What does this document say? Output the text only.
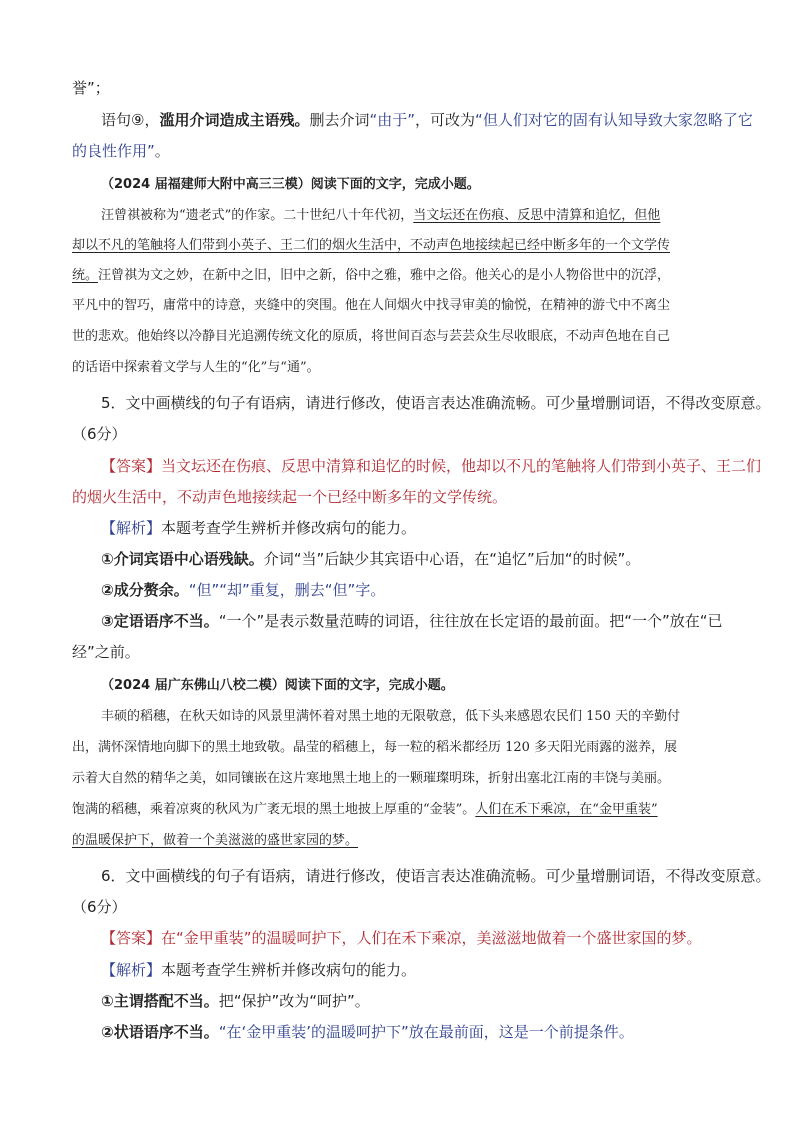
誉”；
语句⑨，滥用介词造成主语残。删去介词“由于”，可改为“但人们对它的固有认知导致大家忽略了它
的良性作用”。
（2024 届福建师大附中高三三模）阅读下面的文字，完成小题。
汪曾祺被称为“遗老式”的作家。二十世纪八十年代初，当文坛还在伤痕、反思中清算和追忆，但他
却以不凡的笔触将人们带到小英子、王二们的烟火生活中，不动声色地接续起已经中断多年的一个文学传
统。汪曾祺为文之妙，在新中之旧，旧中之新，俗中之雅，雅中之俗。他关心的是小人物俗世中的沉浮，
平凡中的智巧，庸常中的诗意，夹缝中的突围。他在人间烟火中找寻审美的愉悦，在精神的游弋中不离尘
世的悲欢。他始终以冷静目光追溯传统文化的原质，将世间百态与芸芸众生尽收眼底，不动声色地在自己
的话语中探索着文学与人生的“化”与“通”。
5．文中画横线的句子有语病，请进行修改，使语言表达准确流畅。可少量增删词语，不得改变原意。
（6分）
【答案】当文坛还在伤痕、反思中清算和追忆的时候，他却以不凡的笔触将人们带到小英子、王二们
的烟火生活中，不动声色地接续起一个已经中断多年的文学传统。
【解析】本题考查学生辨析并修改病句的能力。
①介词宾语中心语残缺。介词“当”后缺少其宾语中心语，在“追忆”后加“的时候”。
②成分赘余。“但”“却”重复，删去“但”字。
③定语语序不当。“一个”是表示数量范畴的词语，往往放在长定语的最前面。把“一个”放在“已
经”之前。
（2024 届广东佛山八校二模）阅读下面的文字，完成小题。
丰硕的稻穗，在秋天如诗的风景里满怀着对黑土地的无限敬意，低下头来感恩农民们 150 天的辛勤付
出，满怀深情地向脚下的黑土地致敬。晶莹的稻穗上，每一粒的稻米都经历 120 多天阳光雨露的滋养，展
示着大自然的精华之美，如同镶嵌在这片寒地黑土地上的一颗璀璨明珠，折射出塞北江南的丰饶与美丽。
饱满的稻穗，乘着凉爽的秋风为广袤无垠的黑土地披上厚重的“金装”。人们在禾下乘凉，在“金甲重装”
的温暖保护下，做着一个美滋滋的盛世家园的梦。
6．文中画横线的句子有语病，请进行修改，使语言表达准确流畅。可少量增删词语，不得改变原意。
（6分）
【答案】在“金甲重装”的温暖呵护下，人们在禾下乘凉，美滋滋地做着一个盛世家国的梦。
【解析】本题考查学生辨析并修改病句的能力。
①主谓搭配不当。把“保护”改为“呵护”。
②状语语序不当。“在‘金甲重装’的温暖呵护下”放在最前面，这是一个前提条件。
